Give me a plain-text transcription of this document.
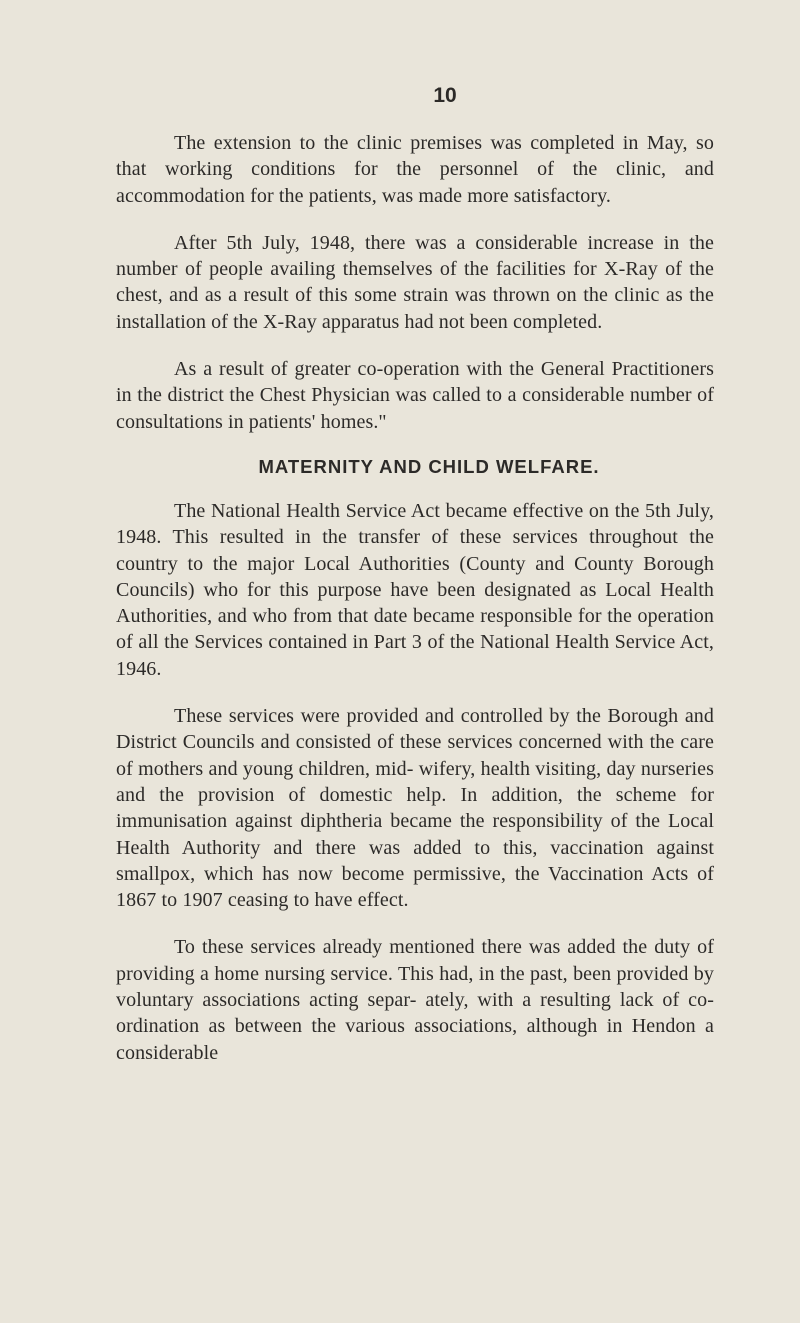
10

The extension to the clinic premises was completed in May, so that working conditions for the personnel of the clinic, and accommodation for the patients, was made more satisfactory.

After 5th July, 1948, there was a considerable increase in the number of people availing themselves of the facilities for X-Ray of the chest, and as a result of this some strain was thrown on the clinic as the installation of the X-Ray apparatus had not been completed.

As a result of greater co-operation with the General Practitioners in the district the Chest Physician was called to a considerable number of consultations in patients' homes."

MATERNITY AND CHILD WELFARE.

The National Health Service Act became effective on the 5th July, 1948. This resulted in the transfer of these services throughout the country to the major Local Authorities (County and County Borough Councils) who for this purpose have been designated as Local Health Authorities, and who from that date became responsible for the operation of all the Services contained in Part 3 of the National Health Service Act, 1946.

These services were provided and controlled by the Borough and District Councils and consisted of these services concerned with the care of mothers and young children, mid- wifery, health visiting, day nurseries and the provision of domestic help. In addition, the scheme for immunisation against diphtheria became the responsibility of the Local Health Authority and there was added to this, vaccination against smallpox, which has now become permissive, the Vaccination Acts of 1867 to 1907 ceasing to have effect.

To these services already mentioned there was added the duty of providing a home nursing service. This had, in the past, been provided by voluntary associations acting separ- ately, with a resulting lack of co-ordination as between the various associations, although in Hendon a considerable
